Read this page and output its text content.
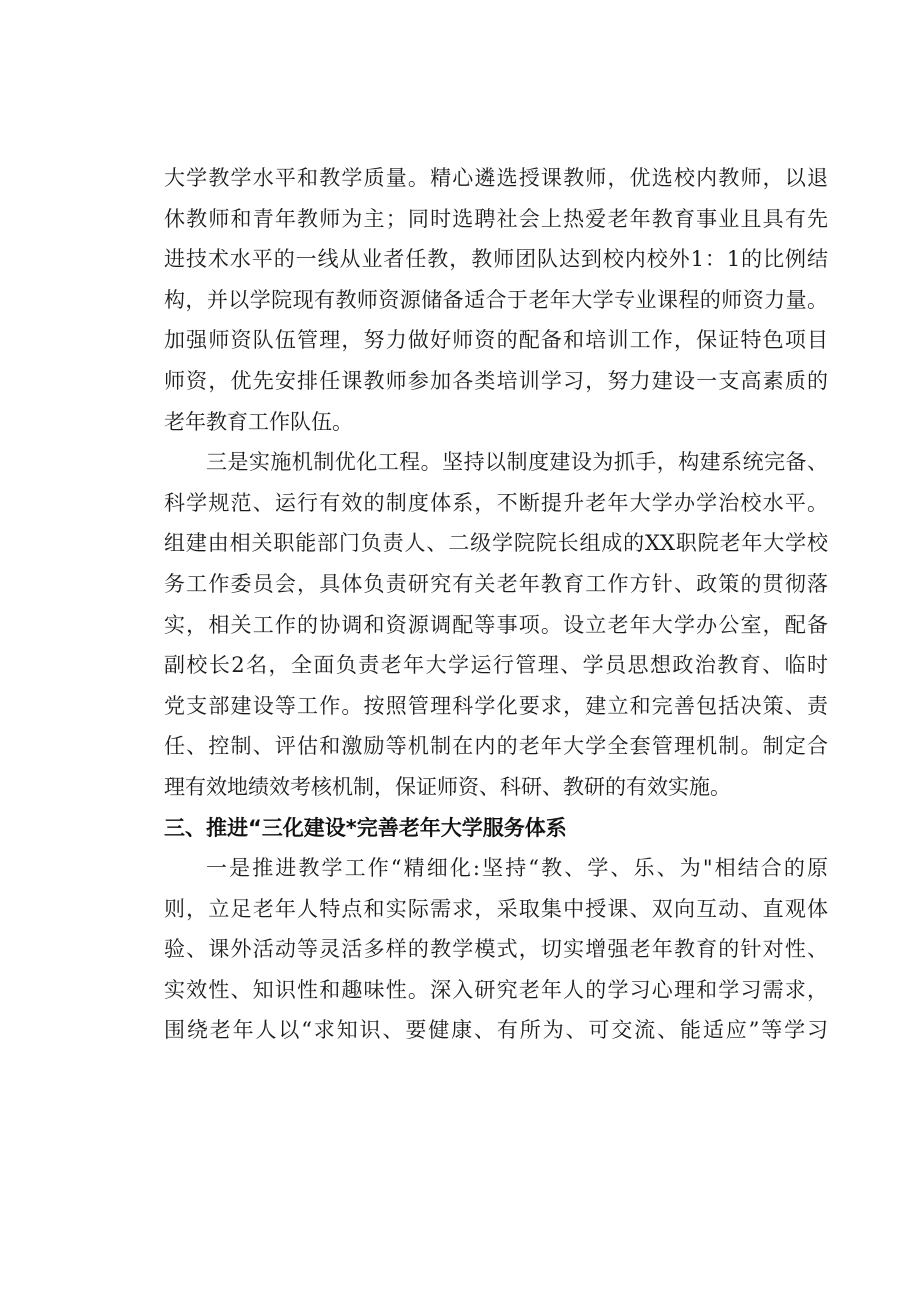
大学教学水平和教学质量。精心遴选授课教师，优选校内教师，以退
休教师和青年教师为主；同时选聘社会上热爱老年教育事业且具有先
进技术水平的一线从业者任教，教师团队达到校内校外1：1的比例结
构，并以学院现有教师资源储备适合于老年大学专业课程的师资力量。
加强师资队伍管理，努力做好师资的配备和培训工作，保证特色项目
师资，优先安排任课教师参加各类培训学习，努力建设一支高素质的
老年教育工作队伍。
三是实施机制优化工程。坚持以制度建设为抓手，构建系统完备、
科学规范、运行有效的制度体系，不断提升老年大学办学治校水平。
组建由相关职能部门负责人、二级学院院长组成的XX职院老年大学校
务工作委员会，具体负责研究有关老年教育工作方针、政策的贯彻落
实，相关工作的协调和资源调配等事项。设立老年大学办公室，配备
副校长2名，全面负责老年大学运行管理、学员思想政治教育、临时
党支部建设等工作。按照管理科学化要求，建立和完善包括决策、责
任、控制、评估和激励等机制在内的老年大学全套管理机制。制定合
理有效地绩效考核机制，保证师资、科研、教研的有效实施。
三、推进“三化建设*完善老年大学服务体系
一是推进教学工作“精细化:坚持“教、学、乐、为"相结合的原
则，立足老年人特点和实际需求，采取集中授课、双向互动、直观体
验、课外活动等灵活多样的教学模式，切实增强老年教育的针对性、
实效性、知识性和趣味性。深入研究老年人的学习心理和学习需求，
围绕老年人以“求知识、要健康、有所为、可交流、能适应”等学习
